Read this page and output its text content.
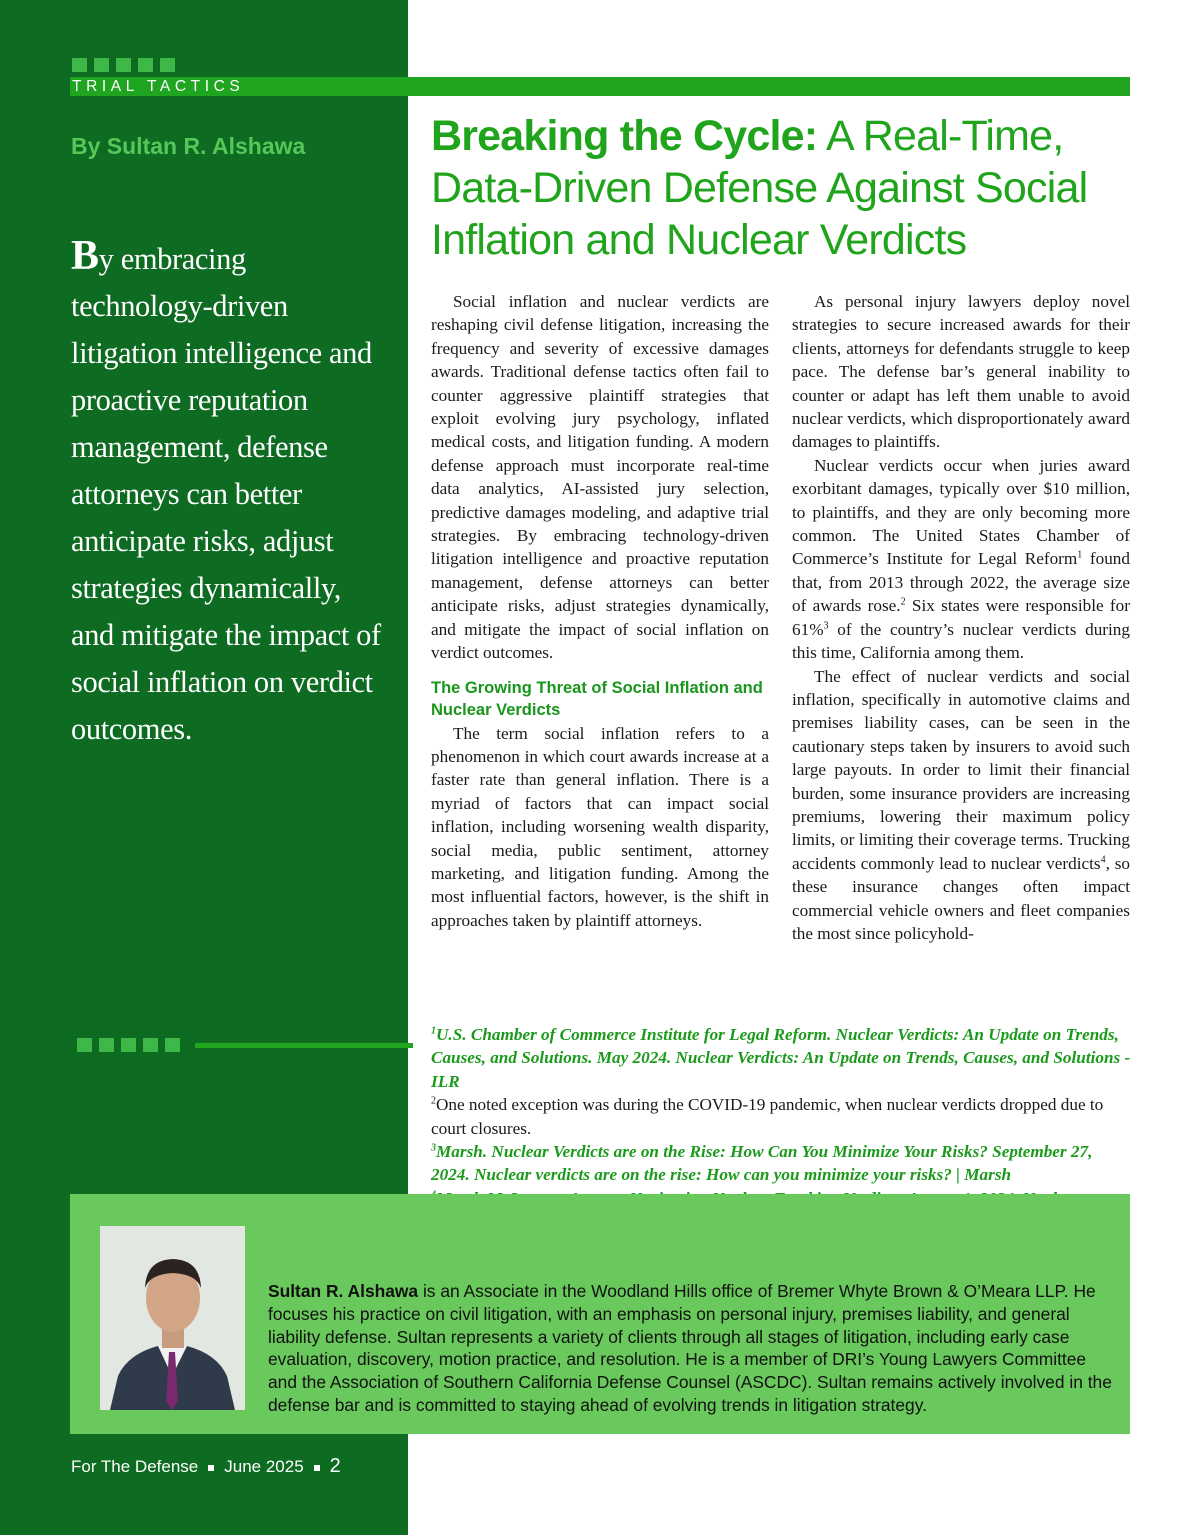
TRIAL TACTICS
By Sultan R. Alshawa
By embracing technology-driven litigation intelligence and proactive reputation management, defense attorneys can better anticipate risks, adjust strategies dynamically, and mitigate the impact of social inflation on verdict outcomes.
Breaking the Cycle: A Real-Time, Data-Driven Defense Against Social Inflation and Nuclear Verdicts

Social inflation and nuclear verdicts are reshaping civil defense litigation, increasing the frequency and severity of excessive damages awards. Traditional defense tactics often fail to counter aggressive plaintiff strategies that exploit evolving jury psychology, inflated medical costs, and litigation funding. A modern defense approach must incorporate real-time data analytics, AI-assisted jury selection, predictive damages modeling, and adaptive trial strategies. By embracing technology-driven litigation intelligence and proactive reputation management, defense attorneys can better anticipate risks, adjust strategies dynamically, and mitigate the impact of social inflation on verdict outcomes.

The Growing Threat of Social Inflation and Nuclear Verdicts

The term social inflation refers to a phenomenon in which court awards increase at a faster rate than general inflation. There is a myriad of factors that can impact social inflation, including worsening wealth disparity, social media, public sentiment, attorney marketing, and litigation funding. Among the most influential factors, however, is the shift in approaches taken by plaintiff attorneys.

As personal injury lawyers deploy novel strategies to secure increased awards for their clients, attorneys for defendants struggle to keep pace. The defense bar’s general inability to counter or adapt has left them unable to avoid nuclear verdicts, which disproportionately award damages to plaintiffs.

Nuclear verdicts occur when juries award exorbitant damages, typically over $10 million, to plaintiffs, and they are only becoming more common. The United States Chamber of Commerce’s Institute for Legal Reform$^1$ found that, from 2013 through 2022, the average size of awards rose.$^2$ Six states were responsible for 61%$^3$ of the country’s nuclear verdicts during this time, California among them.

The effect of nuclear verdicts and social inflation, specifically in automotive claims and premises liability cases, can be seen in the cautionary steps taken by insurers to avoid such large payouts. In order to limit their financial burden, some insurance providers are increasing premiums, lowering their maximum policy limits, or limiting their coverage terms. Trucking accidents commonly lead to nuclear verdicts$^4$, so these insurance changes often impact commercial vehicle owners and fleet companies the most since policyhold-

$^1$U.S. Chamber of Commerce Institute for Legal Reform. Nuclear Verdicts: An Update on Trends, Causes, and Solutions. May 2024. Nuclear Verdicts: An Update on Trends, Causes, and Solutions - ILR

$^2$One noted exception was during the COVID-19 pandemic, when nuclear verdicts dropped due to court closures.

$^3$Marsh. Nuclear Verdicts are on the Rise: How Can You Minimize Your Risks? September 27, 2024. Nuclear verdicts are on the rise: How can you minimize your risks? | Marsh

Sultan R. Alshawa is an Associate in the Woodland Hills office of Bremer Whyte Brown & O’Meara LLP. He focuses his practice on civil litigation, with an emphasis on personal injury, premises liability, and general liability defense. Sultan represents a variety of clients through all stages of litigation, including early case evaluation, discovery, motion practice, and resolution. He is a member of DRI’s Young Lawyers Committee and the Association of Southern California Defense Counsel (ASCDC). Sultan remains actively involved in the defense bar and is committed to staying ahead of evolving trends in litigation strategy.
For The Defense June 2025 2
